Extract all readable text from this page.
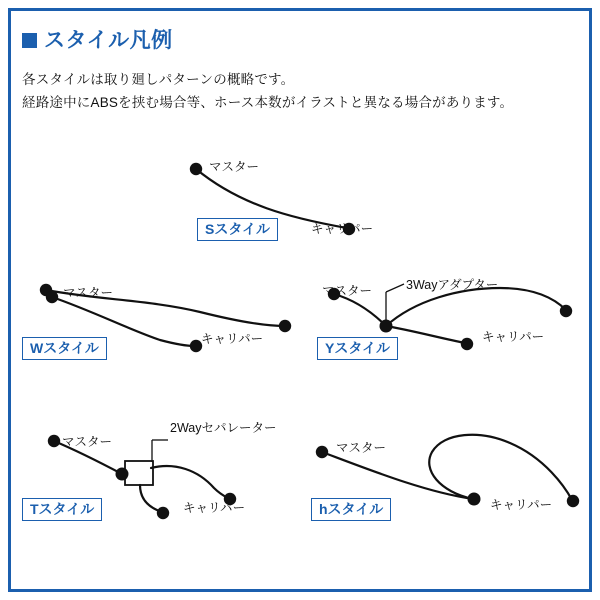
スタイル凡例
各スタイルは取り廻しパターンの概略です。
経路途中にABSを挟む場合等、ホース本数がイラストと異なる場合があります。
マスター
キャリパー
Sスタイル
マスター
キャリパー
Wスタイル
マスター	3Wayアダプター
キャリパー
Yスタイル
マスター
2Wayセパレーター
キャリパー
Tスタイル
マスター
キャリパー
hスタイル
